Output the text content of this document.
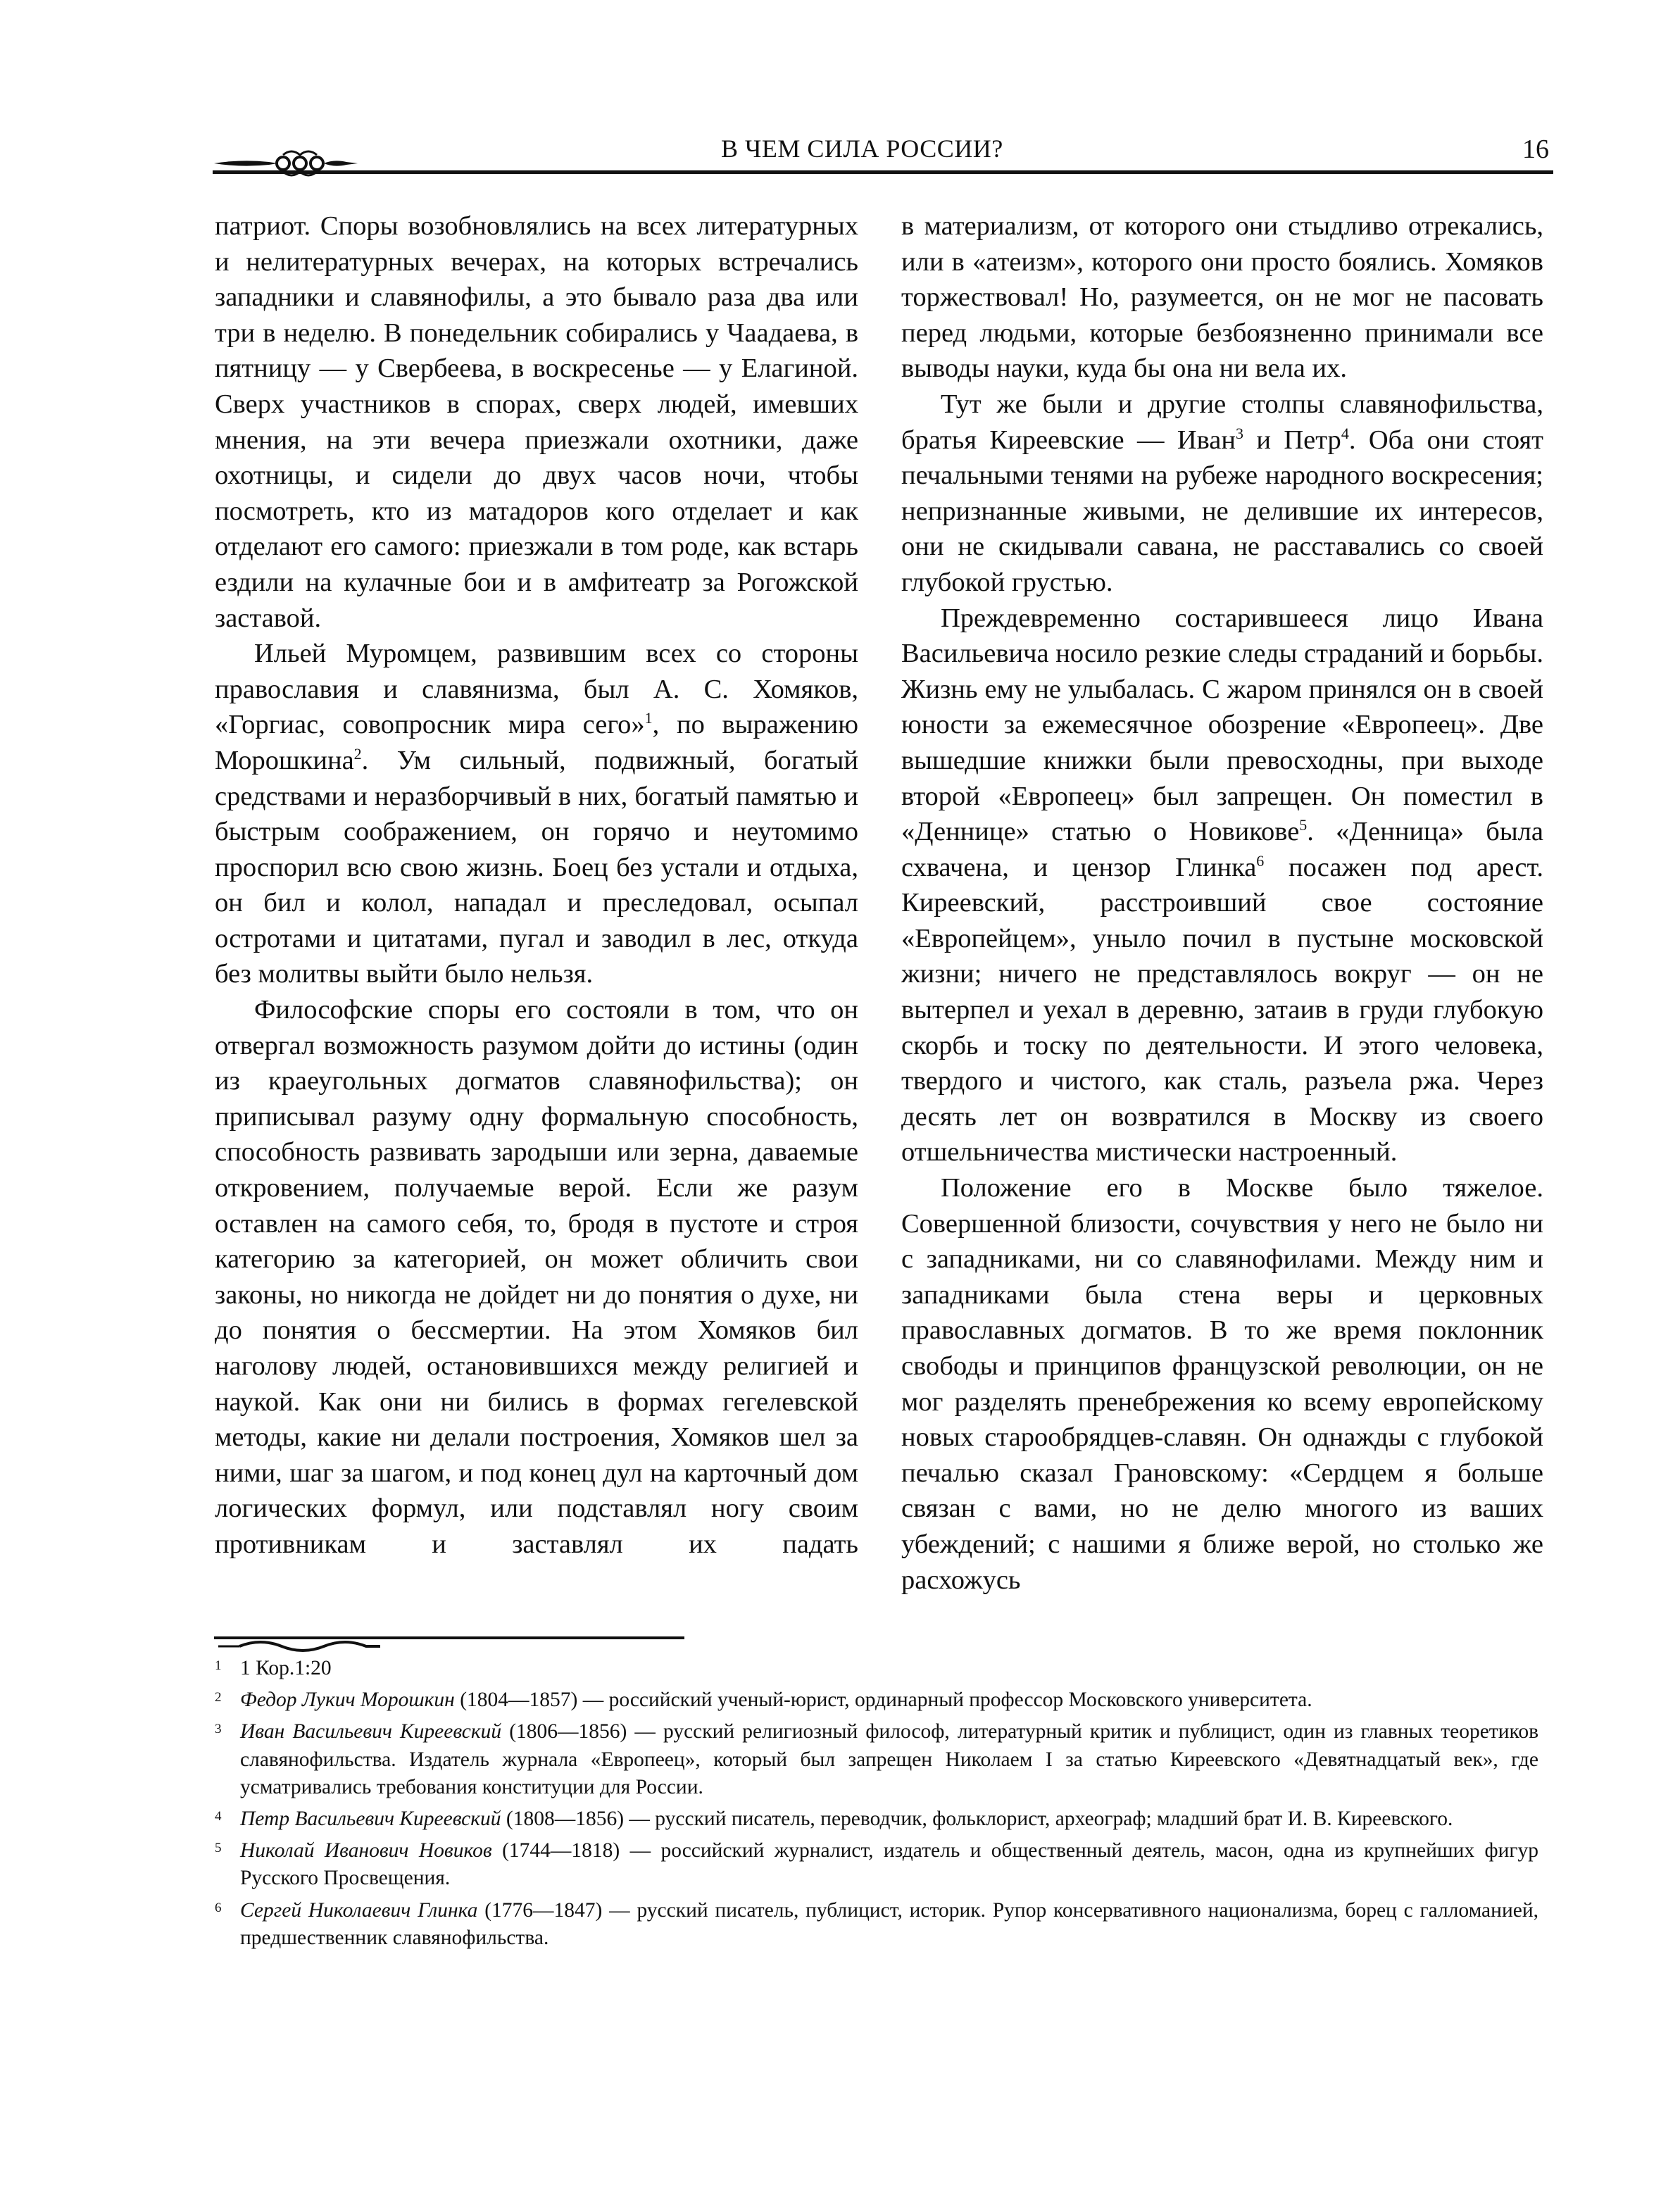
В ЧЕМ СИЛА РОССИИ?	16

патриот. Споры возобновлялись на всех литературных и нелитературных вечерах, на которых встречались западники и славянофилы, а это бывало раза два или три в неделю. В понедельник собирались у Чаадаева, в пятницу — у Свербеева, в воскресенье — у Елагиной. Сверх участников в спорах, сверх людей, имевших мнения, на эти вечера приезжали охотники, даже охотницы, и сидели до двух часов ночи, чтобы посмотреть, кто из матадоров кого отделает и как отделают его самого: приезжали в том роде, как встарь ездили на кулачные бои и в амфитеатр за Рогожской заставой.

Ильей Муромцем, развившим всех со стороны православия и славянизма, был А. С. Хомяков, «Горгиас, совопросник мира сего»$^1$, по выражению Морошкина$^2$. Ум сильный, подвижный, богатый средствами и неразборчивый в них, богатый памятью и быстрым соображением, он горячо и неутомимо проспорил всю свою жизнь. Боец без устали и отдыха, он бил и колол, нападал и преследовал, осыпал остротами и цитатами, пугал и заводил в лес, откуда без молитвы выйти было нельзя.

Философские споры его состояли в том, что он отвергал возможность разумом дойти до истины (один из краеугольных догматов славянофильства); он приписывал разуму одну формальную способность, способность развивать зародыши или зерна, даваемые откровением, получаемые верой. Если же разум оставлен на самого себя, то, бродя в пустоте и строя категорию за категорией, он может обличить свои законы, но никогда не дойдет ни до понятия о духе, ни до понятия о бессмертии. На этом Хомяков бил наголову людей, остановившихся между религией и наукой. Как они ни бились в формах гегелевской методы, какие ни делали построения, Хомяков шел за ними, шаг за шагом, и под конец дул на карточный дом логических формул, или подставлял ногу своим противникам и заставлял их падать

в материализм, от которого они стыдливо отрекались, или в «атеизм», которого они просто боялись. Хомяков торжествовал! Но, разумеется, он не мог не пасовать перед людьми, которые безбоязненно принимали все выводы науки, куда бы она ни вела их.

Тут же были и другие столпы славянофильства, братья Киреевские — Иван$^3$ и Петр$^4$. Оба они стоят печальными тенями на рубеже народного воскресения; непризнанные живыми, не делившие их интересов, они не скидывали савана, не расставались со своей глубокой грустью.

Преждевременно состарившееся лицо Ивана Васильевича носило резкие следы страданий и борьбы. Жизнь ему не улыбалась. С жаром принялся он в своей юности за ежемесячное обозрение «Европеец». Две вышедшие книжки были превосходны, при выходе второй «Европеец» был запрещен. Он поместил в «Деннице» статью о Новикове$^5$. «Денница» была схвачена, и цензор Глинка$^6$ посажен под арест. Киреевский, расстроивший свое состояние «Европейцем», уныло почил в пустыне московской жизни; ничего не представлялось вокруг — он не вытерпел и уехал в деревню, затаив в груди глубокую скорбь и тоску по деятельности. И этого человека, твердого и чистого, как сталь, разъела ржа. Через десять лет он возвратился в Москву из своего отшельничества мистически настроенный.

Положение его в Москве было тяжелое. Совершенной близости, сочувствия у него не было ни с западниками, ни со славянофилами. Между ним и западниками была стена веры и церковных православных догматов. В то же время поклонник свободы и принципов французской революции, он не мог разделять пренебрежения ко всему европейскому новых старообрядцев-славян. Он однажды с глубокой печалью сказал Грановскому: «Сердцем я больше связан с вами, но не делю многого из ваших убеждений; с нашими я ближе верой, но столько же расхожусь

1 1 Кор.1:20
2 Федор Лукич Морошкин (1804—1857) — российский ученый-юрист, ординарный профессор Московского университета.
3 Иван Васильевич Киреевский (1806—1856) — русский религиозный философ, литературный критик и публицист, один из главных теоретиков славянофильства. Издатель журнала «Европеец», который был запрещен Николаем I за статью Киреевского «Девятнадцатый век», где усматривались требования конституции для России.
4 Петр Васильевич Киреевский (1808—1856) — русский писатель, переводчик, фольклорист, археограф; младший брат И. В. Киреевского.
5 Николай Иванович Новиков (1744—1818) — российский журналист, издатель и общественный деятель, масон, одна из крупнейших фигур Русского Просвещения.
6 Сергей Николаевич Глинка (1776—1847) — русский писатель, публицист, историк. Рупор консервативного национализма, борец с галломанией, предшественник славянофильства.
